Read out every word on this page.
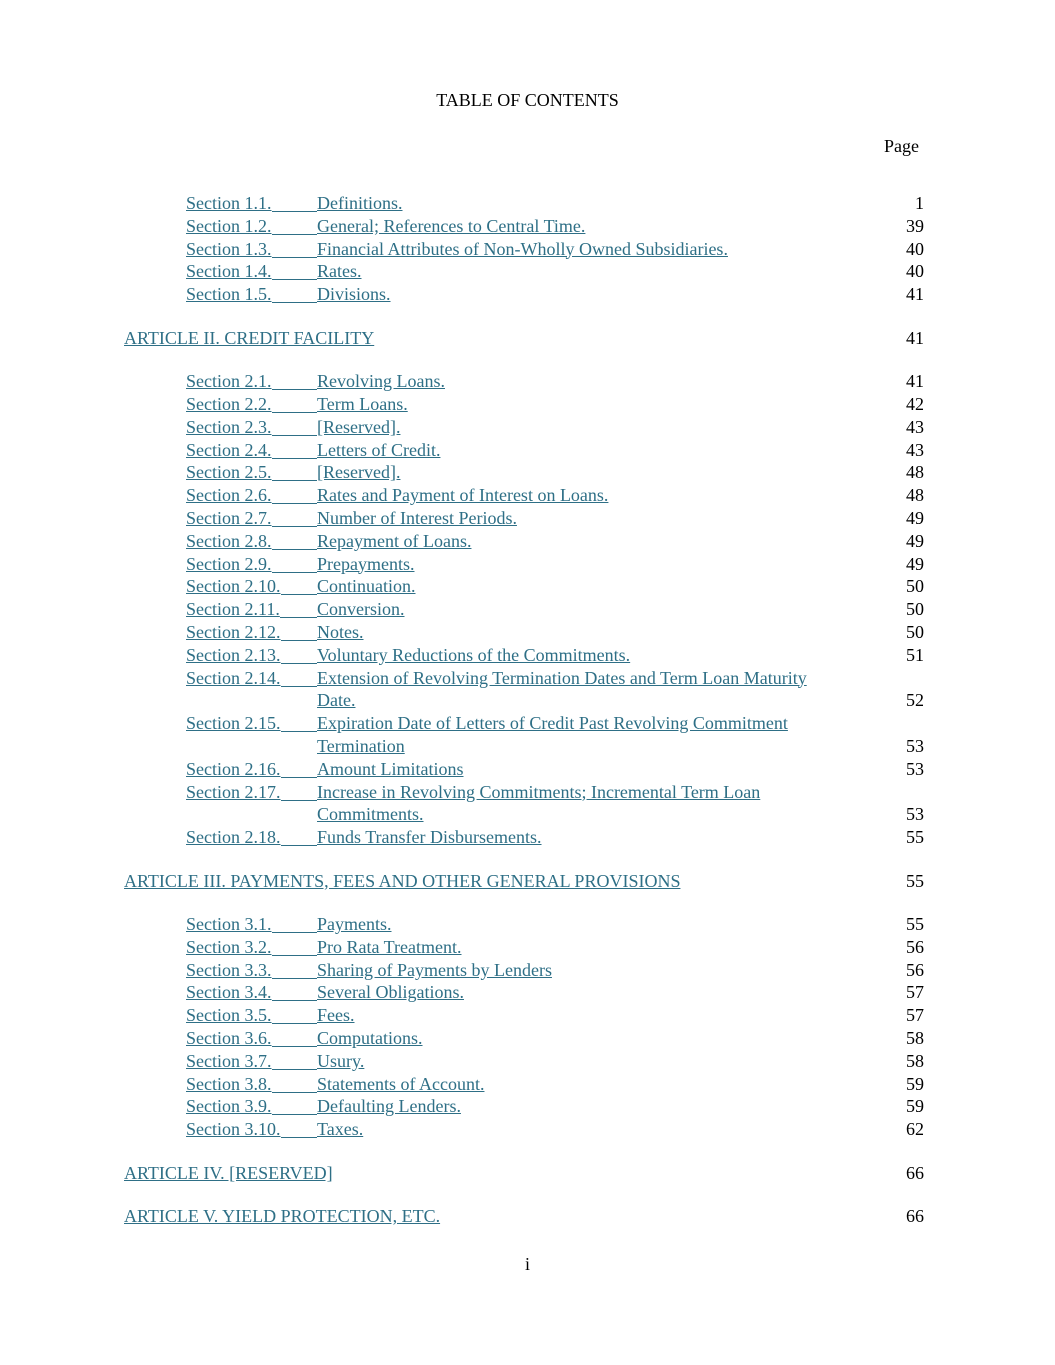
TABLE OF CONTENTS
Page
Section 1.1.	Definitions.	1
Section 1.2.	General; References to Central Time.	39
Section 1.3.	Financial Attributes of Non-Wholly Owned Subsidiaries.	40
Section 1.4.	Rates.	40
Section 1.5.	Divisions.	41
ARTICLE II. CREDIT FACILITY	41
Section 2.1.	Revolving Loans.	41
Section 2.2.	Term Loans.	42
Section 2.3.	[Reserved].	43
Section 2.4.	Letters of Credit.	43
Section 2.5.	[Reserved].	48
Section 2.6.	Rates and Payment of Interest on Loans.	48
Section 2.7.	Number of Interest Periods.	49
Section 2.8.	Repayment of Loans.	49
Section 2.9.	Prepayments.	49
Section 2.10. Continuation.	50
Section 2.11. Conversion.	50
Section 2.12. Notes.	50
Section 2.13. Voluntary Reductions of the Commitments.	51
Section 2.14. Extension of Revolving Termination Dates and Term Loan Maturity
Date.	52
Section 2.15. Expiration Date of Letters of Credit Past Revolving Commitment
Termination	53
Section 2.16. Amount Limitations	53
Section 2.17. Increase in Revolving Commitments; Incremental Term Loan
Commitments.	53
Section 2.18. Funds Transfer Disbursements.	55
ARTICLE III. PAYMENTS, FEES AND OTHER GENERAL PROVISIONS	55
Section 3.1.	Payments.	55
Section 3.2.	Pro Rata Treatment.	56
Section 3.3.	Sharing of Payments by Lenders	56
Section 3.4.	Several Obligations.	57
Section 3.5.	Fees.	57
Section 3.6.	Computations.	58
Section 3.7.	Usury.	58
Section 3.8.	Statements of Account.	59
Section 3.9.	Defaulting Lenders.	59
Section 3.10. Taxes.	62
ARTICLE IV. [RESERVED]	66
ARTICLE V. YIELD PROTECTION, ETC.	66
i
